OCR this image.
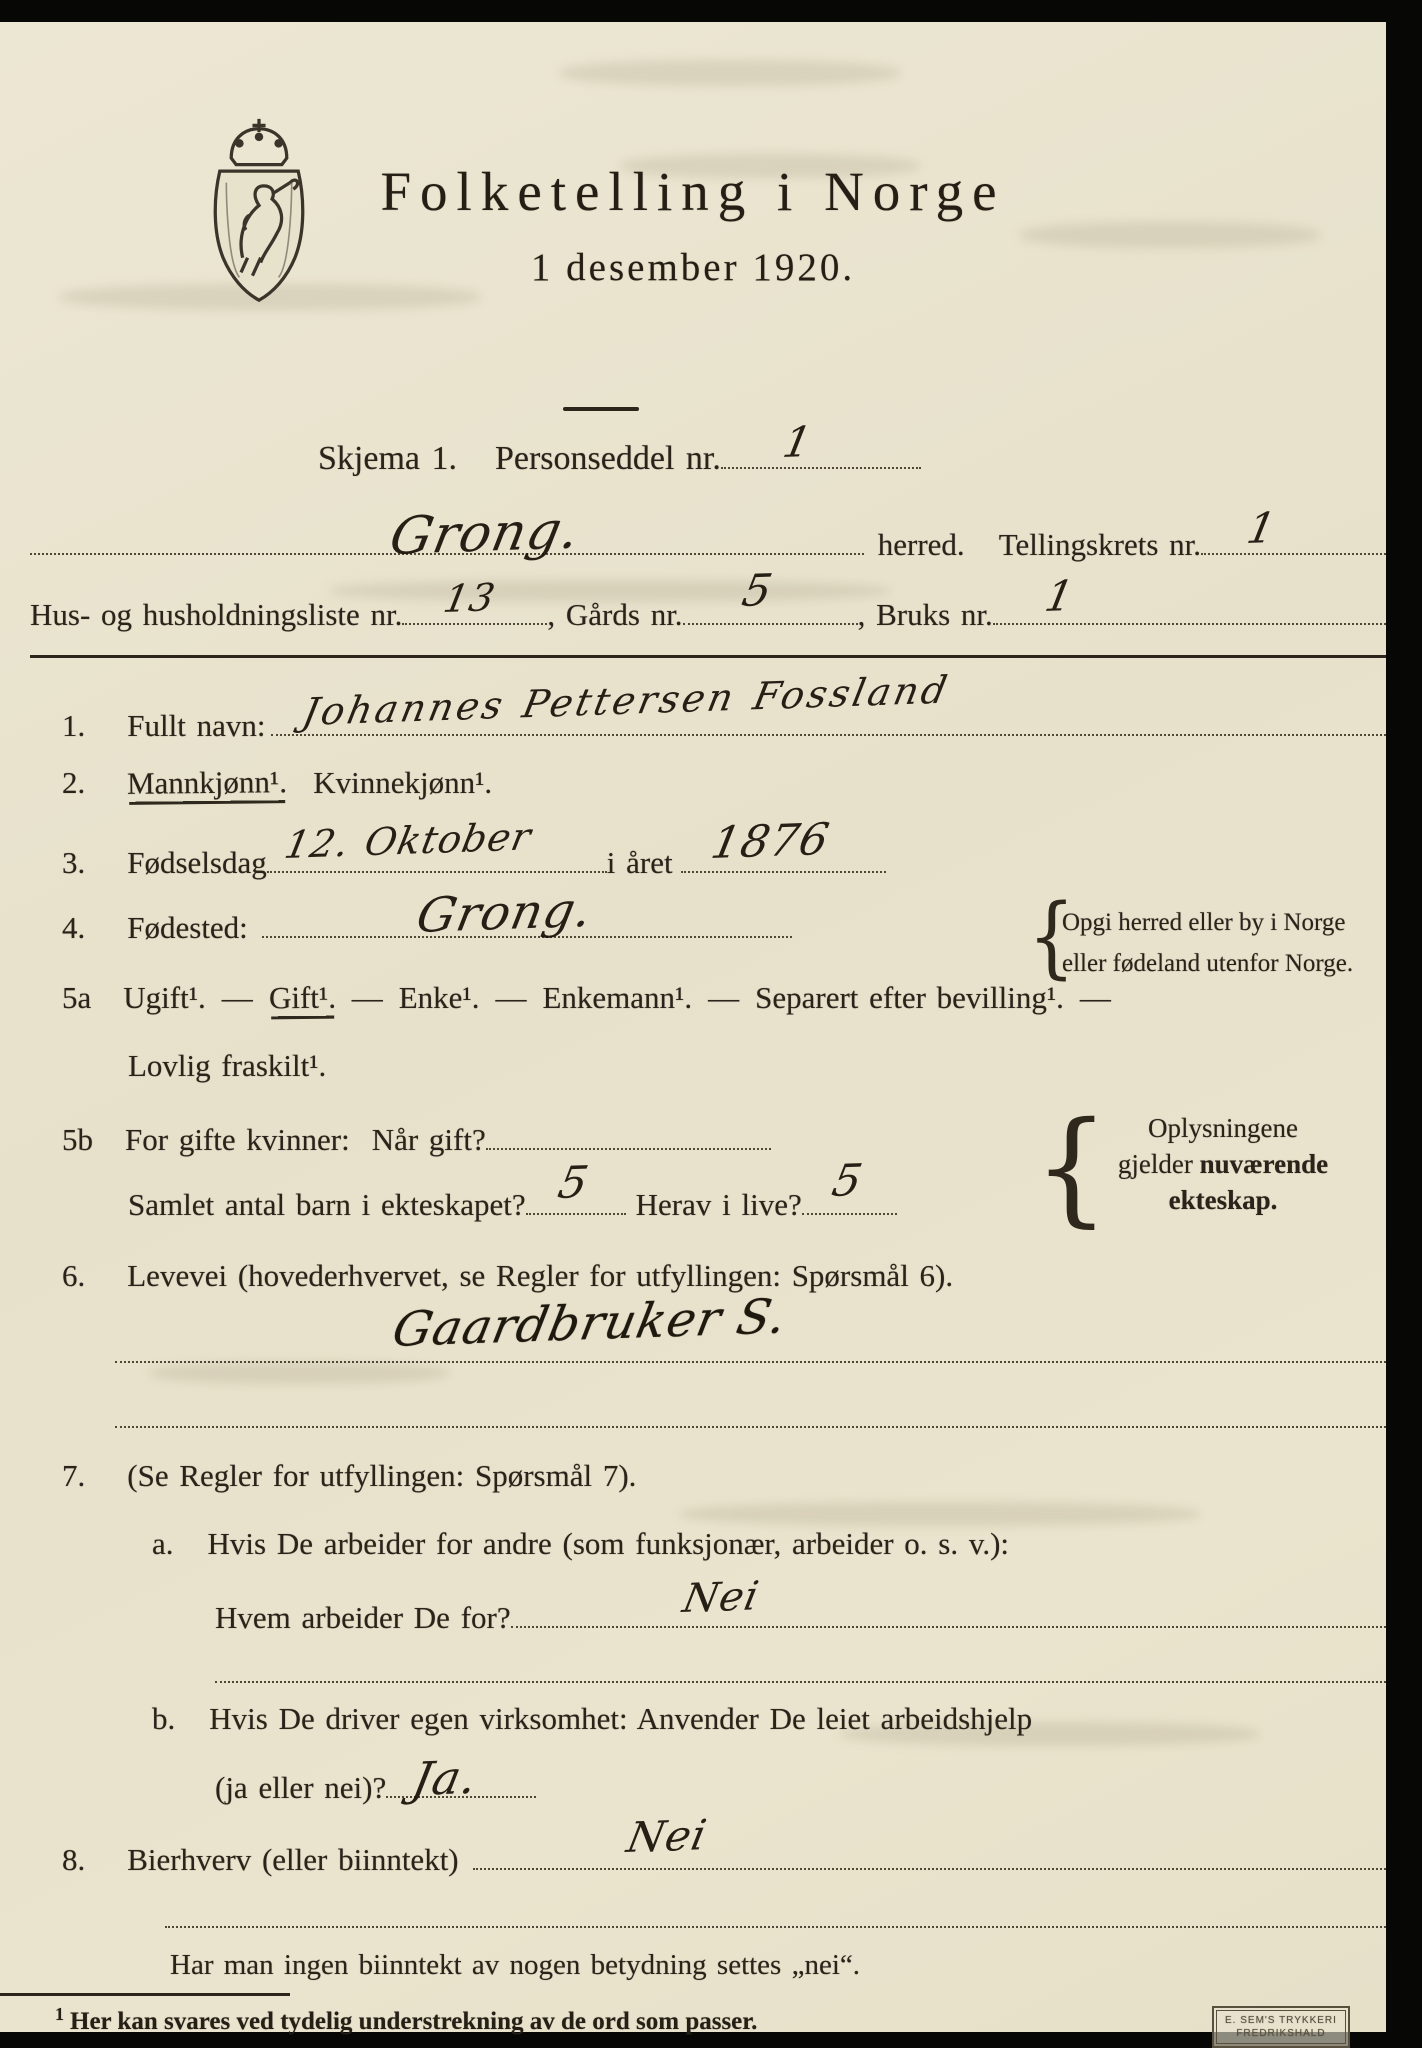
Folketelling i Norge
1 desember 1920.
Skjema 1. Personseddel nr. 1
Grong.	herred. Tellingskrets nr. 1
Hus- og husholdningsliste nr. 13 , Gårds nr. 5	, Bruks nr. 1
1. Fullt navn: Johannes Pettersen Fossland
2. Mannkjønn¹. Kvinnekjønn¹.
3. Fødselsdag 12. Oktober i året 1876
4. Fødested:	Grong.	{
Opgi herred eller by i Norge
eller fødeland utenfor Norge.
5a Ugift¹. — Gift¹. — Enke¹. — Enkemann¹. — Separert efter bevilling¹. —
Lovlig fraskilt¹.
5b For gifte kvinner: Når gift?	{	Oplysningene
gjelder nuværende
ekteskap.
Samlet antal barn i ekteskapet? 5 Herav i live? 5
6. Levevei (hovederhvervet, se Regler for utfyllingen: Spørsmål 6).
Gaardbruker S.
7. (Se Regler for utfyllingen: Spørsmål 7).
a. Hvis De arbeider for andre (som funksjonær, arbeider o. s. v.):
Hvem arbeider De for?	Nei
b. Hvis De driver egen virksomhet: Anvender De leiet arbeidshjelp
(ja eller nei)? Ja.
8. Bierhverv (eller biinntekt)	Nei
Har man ingen biinntekt av nogen betydning settes „nei“.
$^1$ Her kan svares ved tydelig understrekning av de ord som passer.	E. SEM'S TRYKKERI
FREDRIKSHALD
